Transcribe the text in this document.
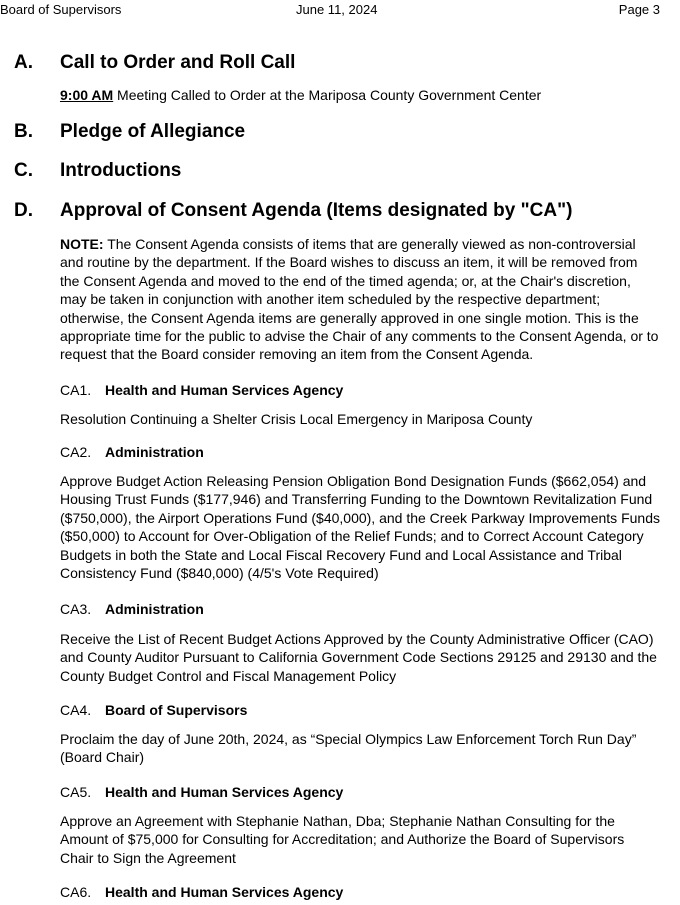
Board of Supervisors	June 11, 2024	Page 3
A. Call to Order and Roll Call
9:00 AM Meeting Called to Order at the Mariposa County Government Center
B. Pledge of Allegiance
C. Introductions
D. Approval of Consent Agenda (Items designated by "CA")

NOTE: The Consent Agenda consists of items that are generally viewed as non-controversial and routine by the department. If the Board wishes to discuss an item, it will be removed from the Consent Agenda and moved to the end of the timed agenda; or, at the Chair's discretion, may be taken in conjunction with another item scheduled by the respective department; otherwise, the Consent Agenda items are generally approved in one single motion. This is the appropriate time for the public to advise the Chair of any comments to the Consent Agenda, or to request that the Board consider removing an item from the Consent Agenda.

CA1. Health and Human Services Agency
Resolution Continuing a Shelter Crisis Local Emergency in Mariposa County
CA2. Administration
Approve Budget Action Releasing Pension Obligation Bond Designation Funds ($662,054) and Housing Trust Funds ($177,946) and Transferring Funding to the Downtown Revitalization Fund ($750,000), the Airport Operations Fund ($40,000), and the Creek Parkway Improvements Funds ($50,000) to Account for Over-Obligation of the Relief Funds; and to Correct Account Category Budgets in both the State and Local Fiscal Recovery Fund and Local Assistance and Tribal Consistency Fund ($840,000) (4/5's Vote Required)
CA3. Administration
Receive the List of Recent Budget Actions Approved by the County Administrative Officer (CAO) and County Auditor Pursuant to California Government Code Sections 29125 and 29130 and the County Budget Control and Fiscal Management Policy
CA4. Board of Supervisors
Proclaim the day of June 20th, 2024, as “Special Olympics Law Enforcement Torch Run Day” (Board Chair)
CA5. Health and Human Services Agency
Approve an Agreement with Stephanie Nathan, Dba; Stephanie Nathan Consulting for the Amount of $75,000 for Consulting for Accreditation; and Authorize the Board of Supervisors Chair to Sign the Agreement
CA6. Health and Human Services Agency
